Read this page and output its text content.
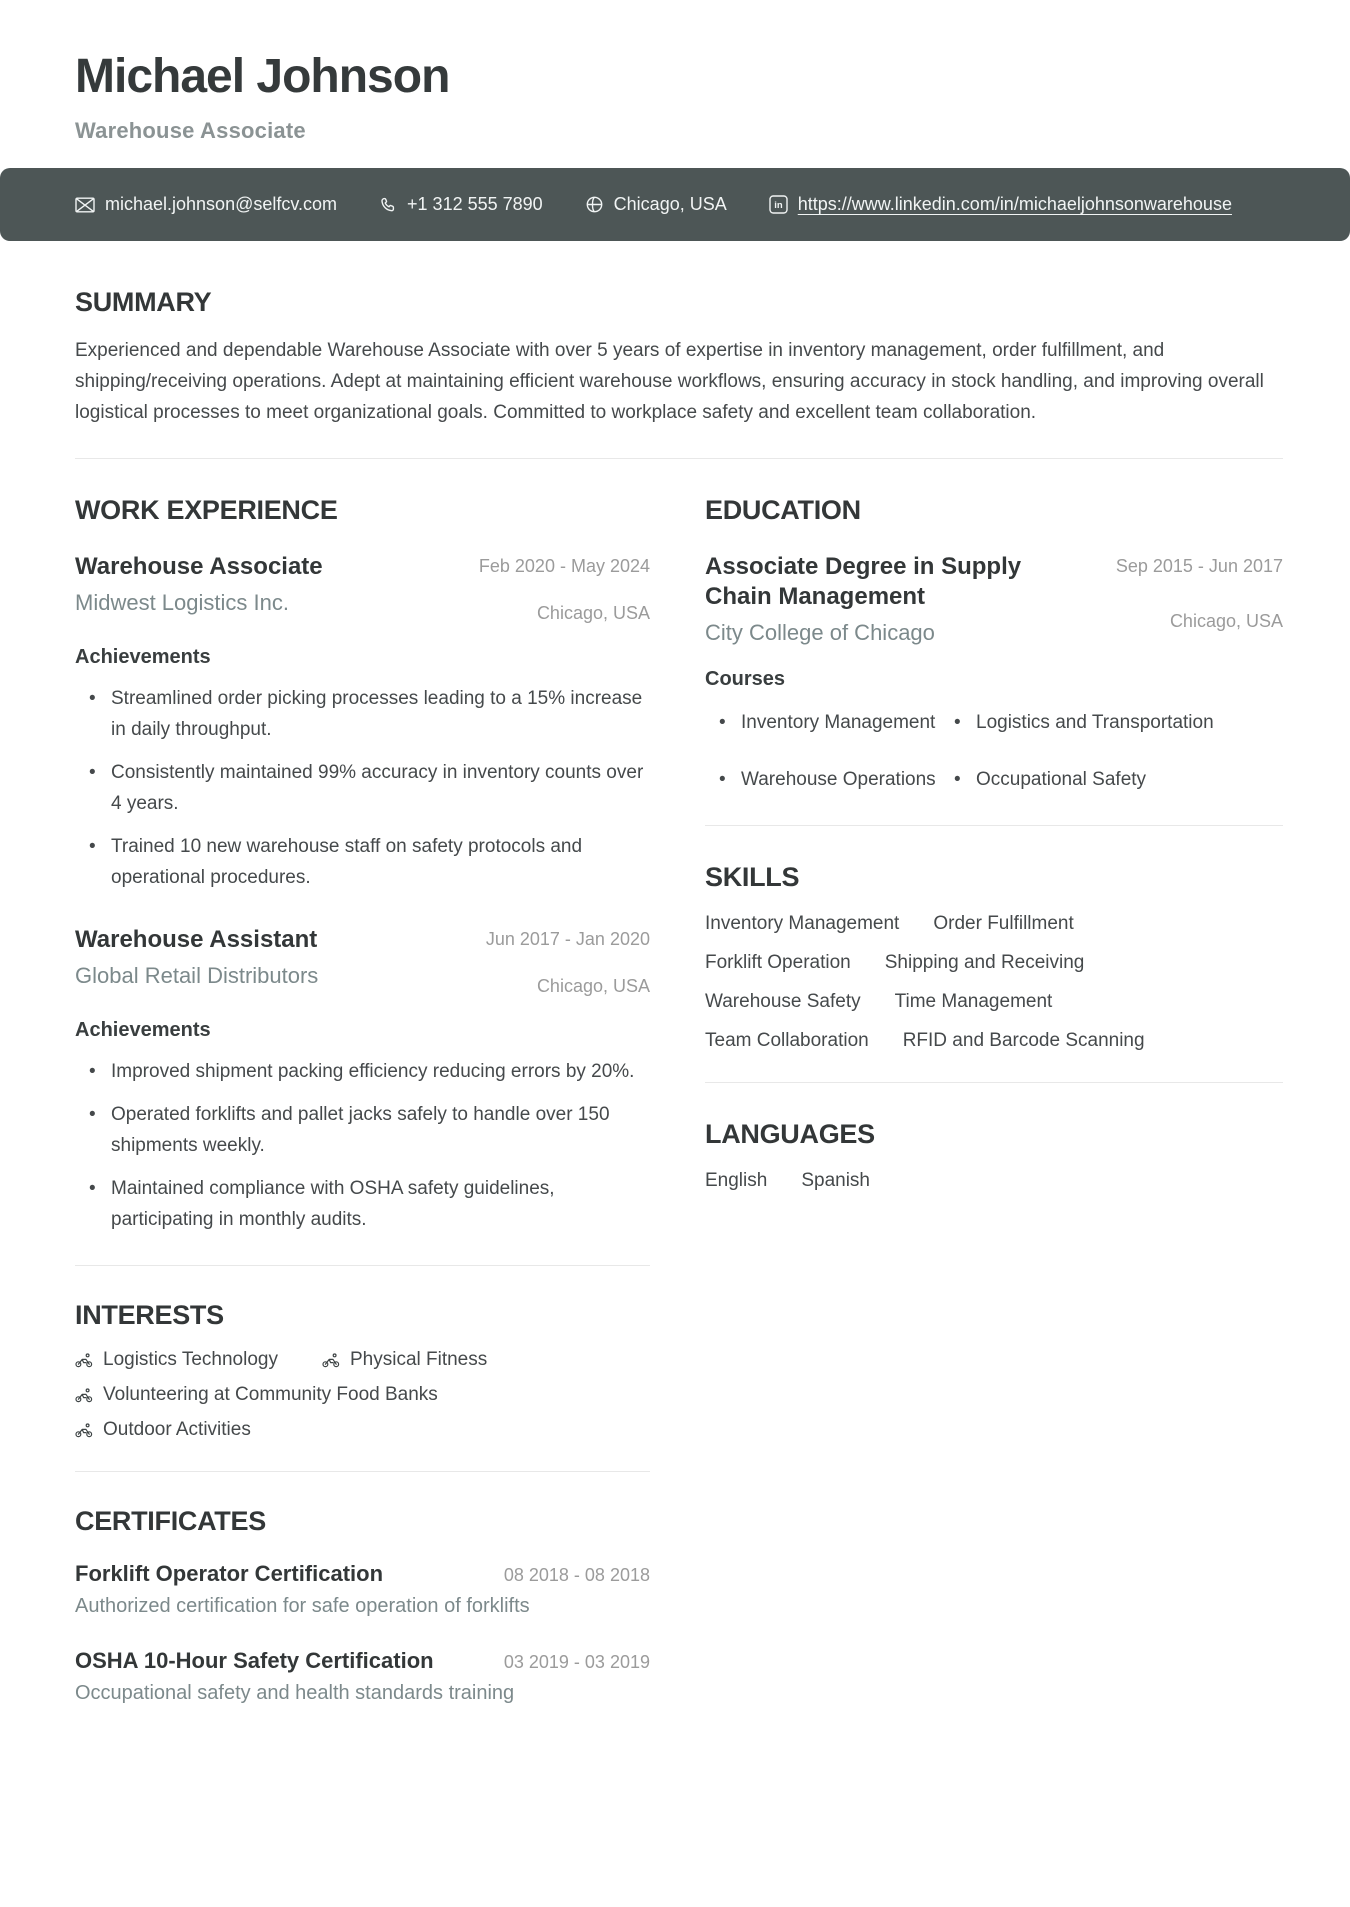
Michael Johnson
Warehouse Associate
michael.johnson@selfcv.com	+1 312 555 7890	Chicago, USA	in https://www.linkedin.com/in/michaeljohnsonwarehouse
SUMMARY
Experienced and dependable Warehouse Associate with over 5 years of expertise in inventory management, order fulfillment, and shipping/receiving operations. Adept at maintaining efficient warehouse workflows, ensuring accuracy in stock handling, and improving overall logistical processes to meet organizational goals. Committed to workplace safety and excellent team collaboration.
WORK EXPERIENCE
Warehouse Associate
Midwest Logistics Inc.
Feb 2020 - May 2024
Chicago, USA
Achievements
• Streamlined order picking processes leading to a 15% increase in daily throughput.
• Consistently maintained 99% accuracy in inventory counts over 4 years.
• Trained 10 new warehouse staff on safety protocols and operational procedures.
Warehouse Assistant
Global Retail Distributors
Jun 2017 - Jan 2020
Chicago, USA
Achievements
• Improved shipment packing efficiency reducing errors by 20%.
• Operated forklifts and pallet jacks safely to handle over 150 shipments weekly.
• Maintained compliance with OSHA safety guidelines, participating in monthly audits.
INTERESTS
Logistics Technology	Physical Fitness
Volunteering at Community Food Banks
Outdoor Activities
CERTIFICATES
Forklift Operator Certification	08 2018 - 08 2018
Authorized certification for safe operation of forklifts
OSHA 10-Hour Safety Certification	03 2019 - 03 2019
Occupational safety and health standards training
EDUCATION
Associate Degree in Supply Chain Management
City College of Chicago
Sep 2015 - Jun 2017
Chicago, USA
Courses
• Inventory Management	• Logistics and Transportation
• Warehouse Operations	• Occupational Safety
SKILLS
Inventory Management Order Fulfillment
Forklift Operation Shipping and Receiving
Warehouse Safety Time Management
Team Collaboration RFID and Barcode Scanning
LANGUAGES
English Spanish
